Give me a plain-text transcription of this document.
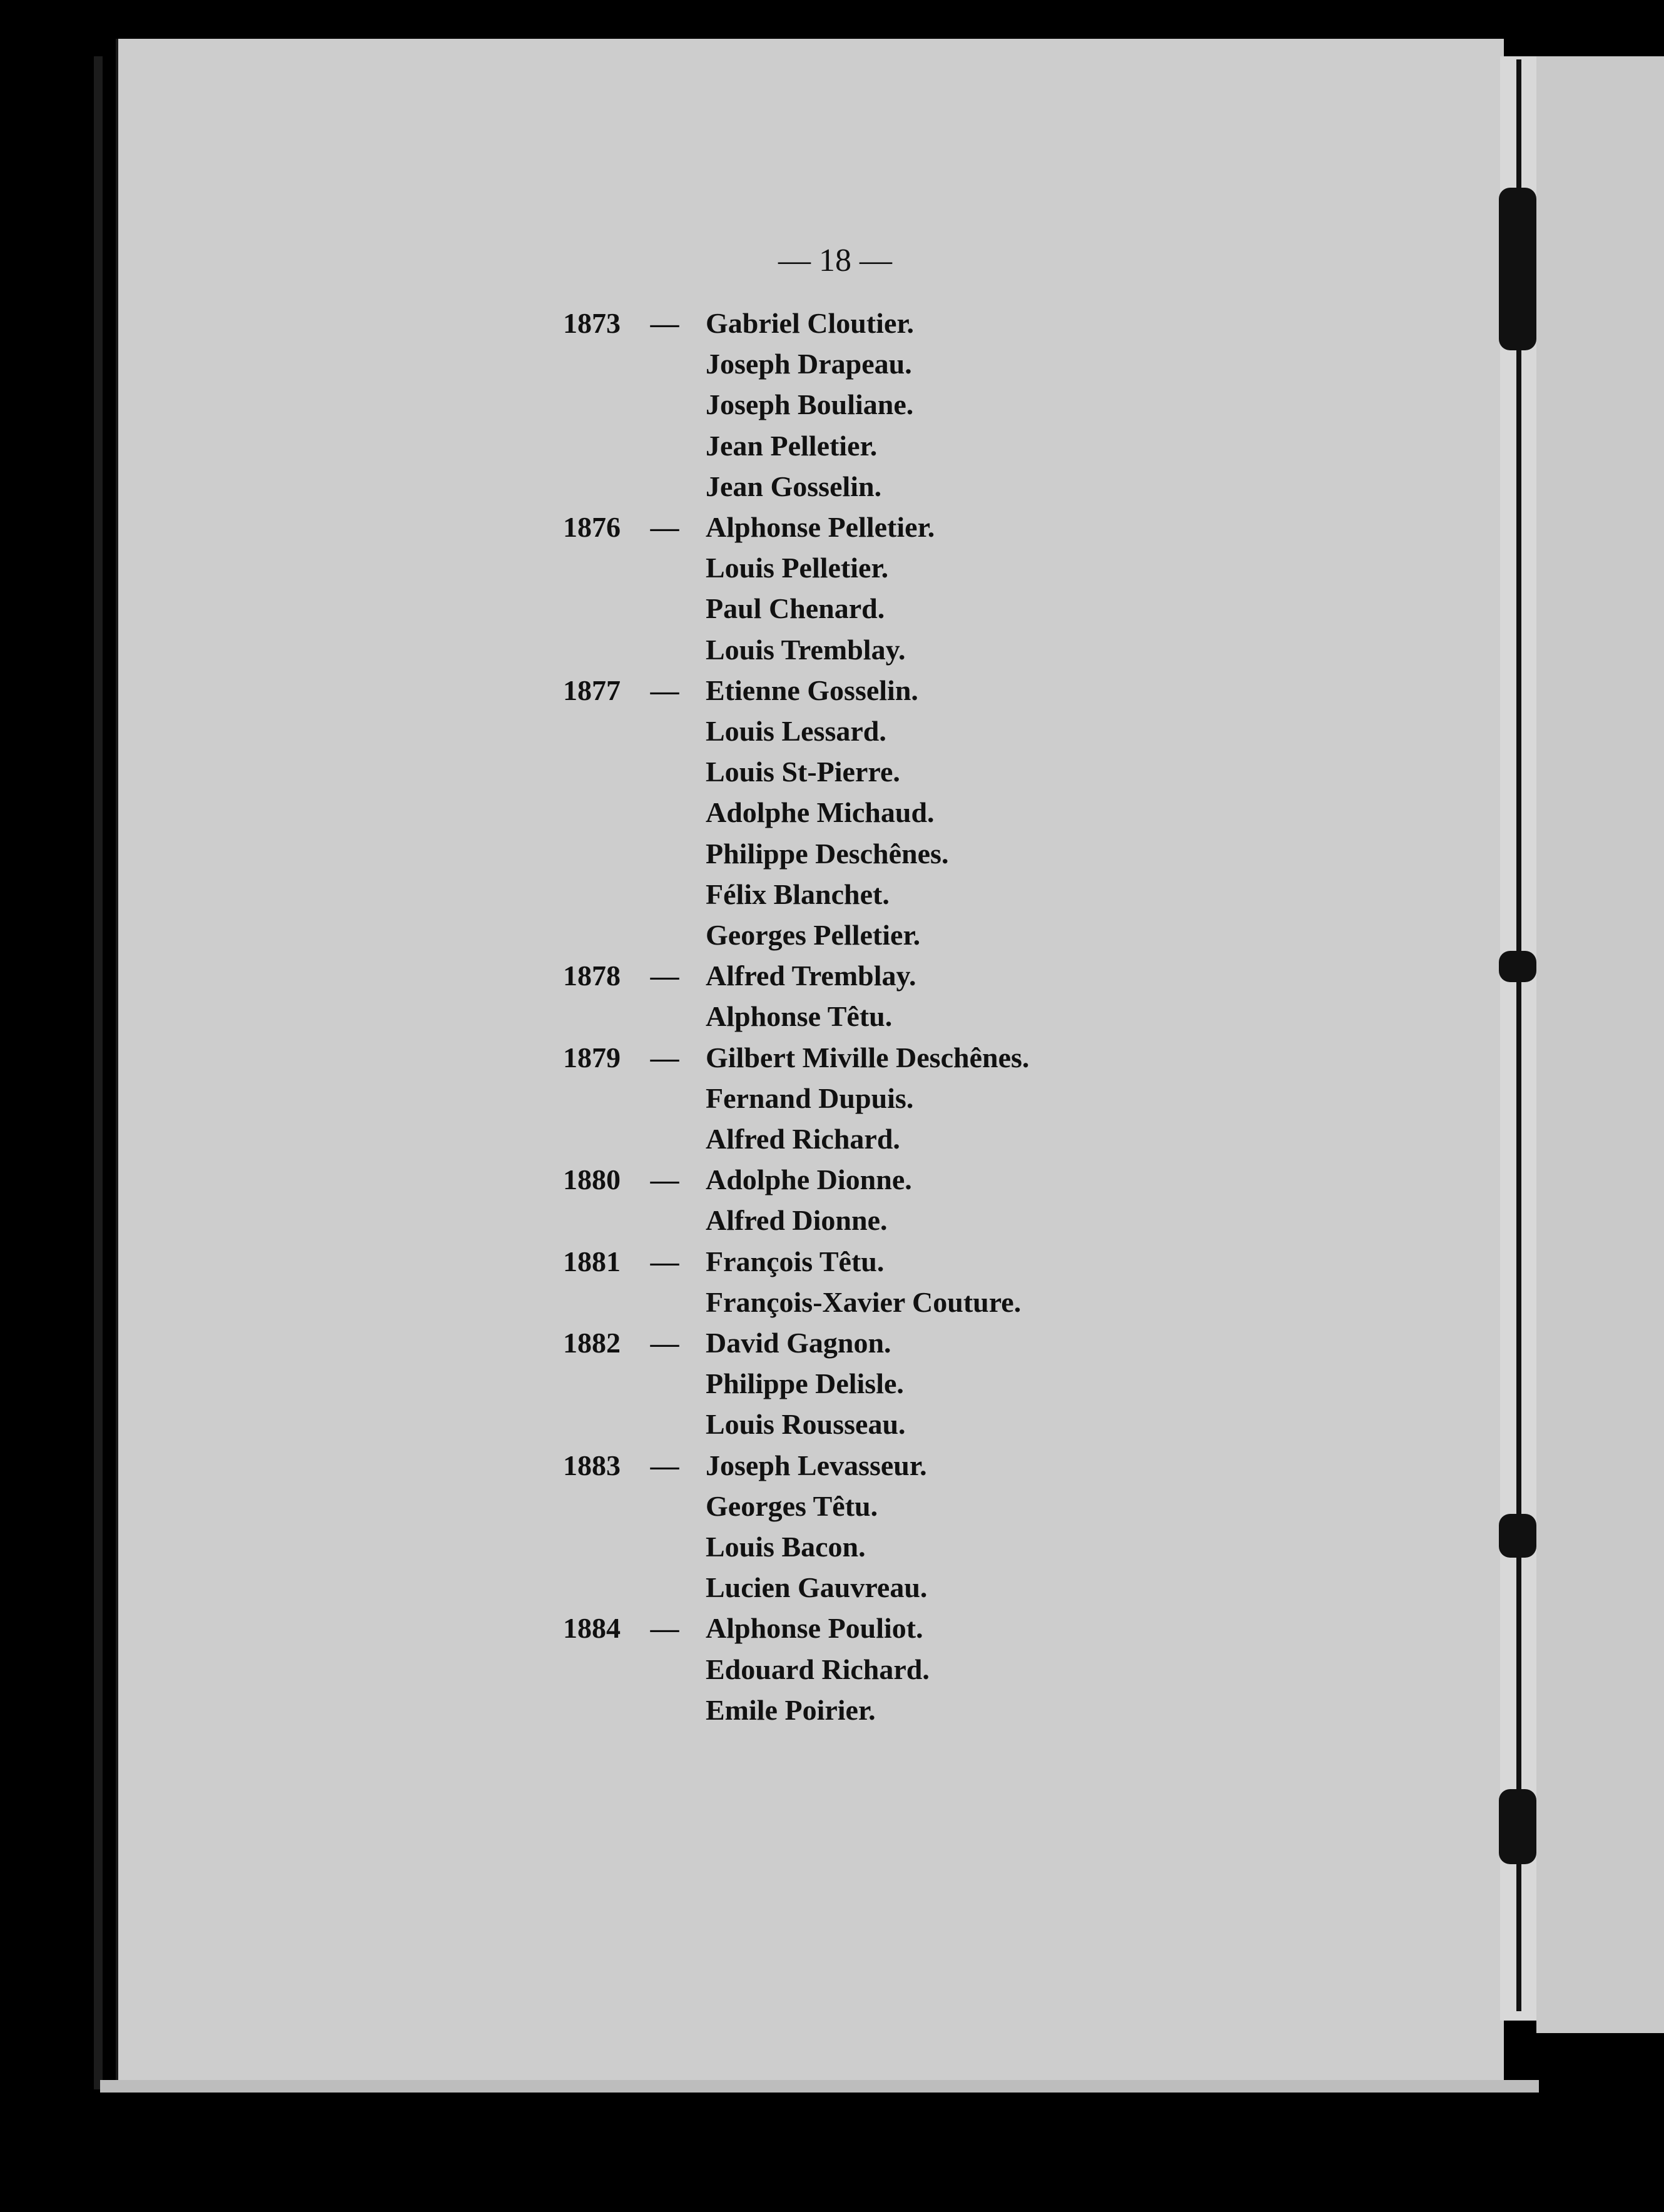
— 18 —
1873 — Gabriel Cloutier.
Joseph Drapeau.
Joseph Bouliane.
Jean Pelletier.
Jean Gosselin.
1876 — Alphonse Pelletier.
Louis Pelletier.
Paul Chenard.
Louis Tremblay.
1877 — Etienne Gosselin.
Louis Lessard.
Louis St-Pierre.
Adolphe Michaud.
Philippe Deschênes.
Félix Blanchet.
Georges Pelletier.
1878 — Alfred Tremblay.
Alphonse Têtu.
1879 — Gilbert Miville Deschênes.
Fernand Dupuis.
Alfred Richard.
1880 — Adolphe Dionne.
Alfred Dionne.
1881 — François Têtu.
François-Xavier Couture.
1882 — David Gagnon.
Philippe Delisle.
Louis Rousseau.
1883 — Joseph Levasseur.
Georges Têtu.
Louis Bacon.
Lucien Gauvreau.
1884 — Alphonse Pouliot.
Edouard Richard.
Emile Poirier.
